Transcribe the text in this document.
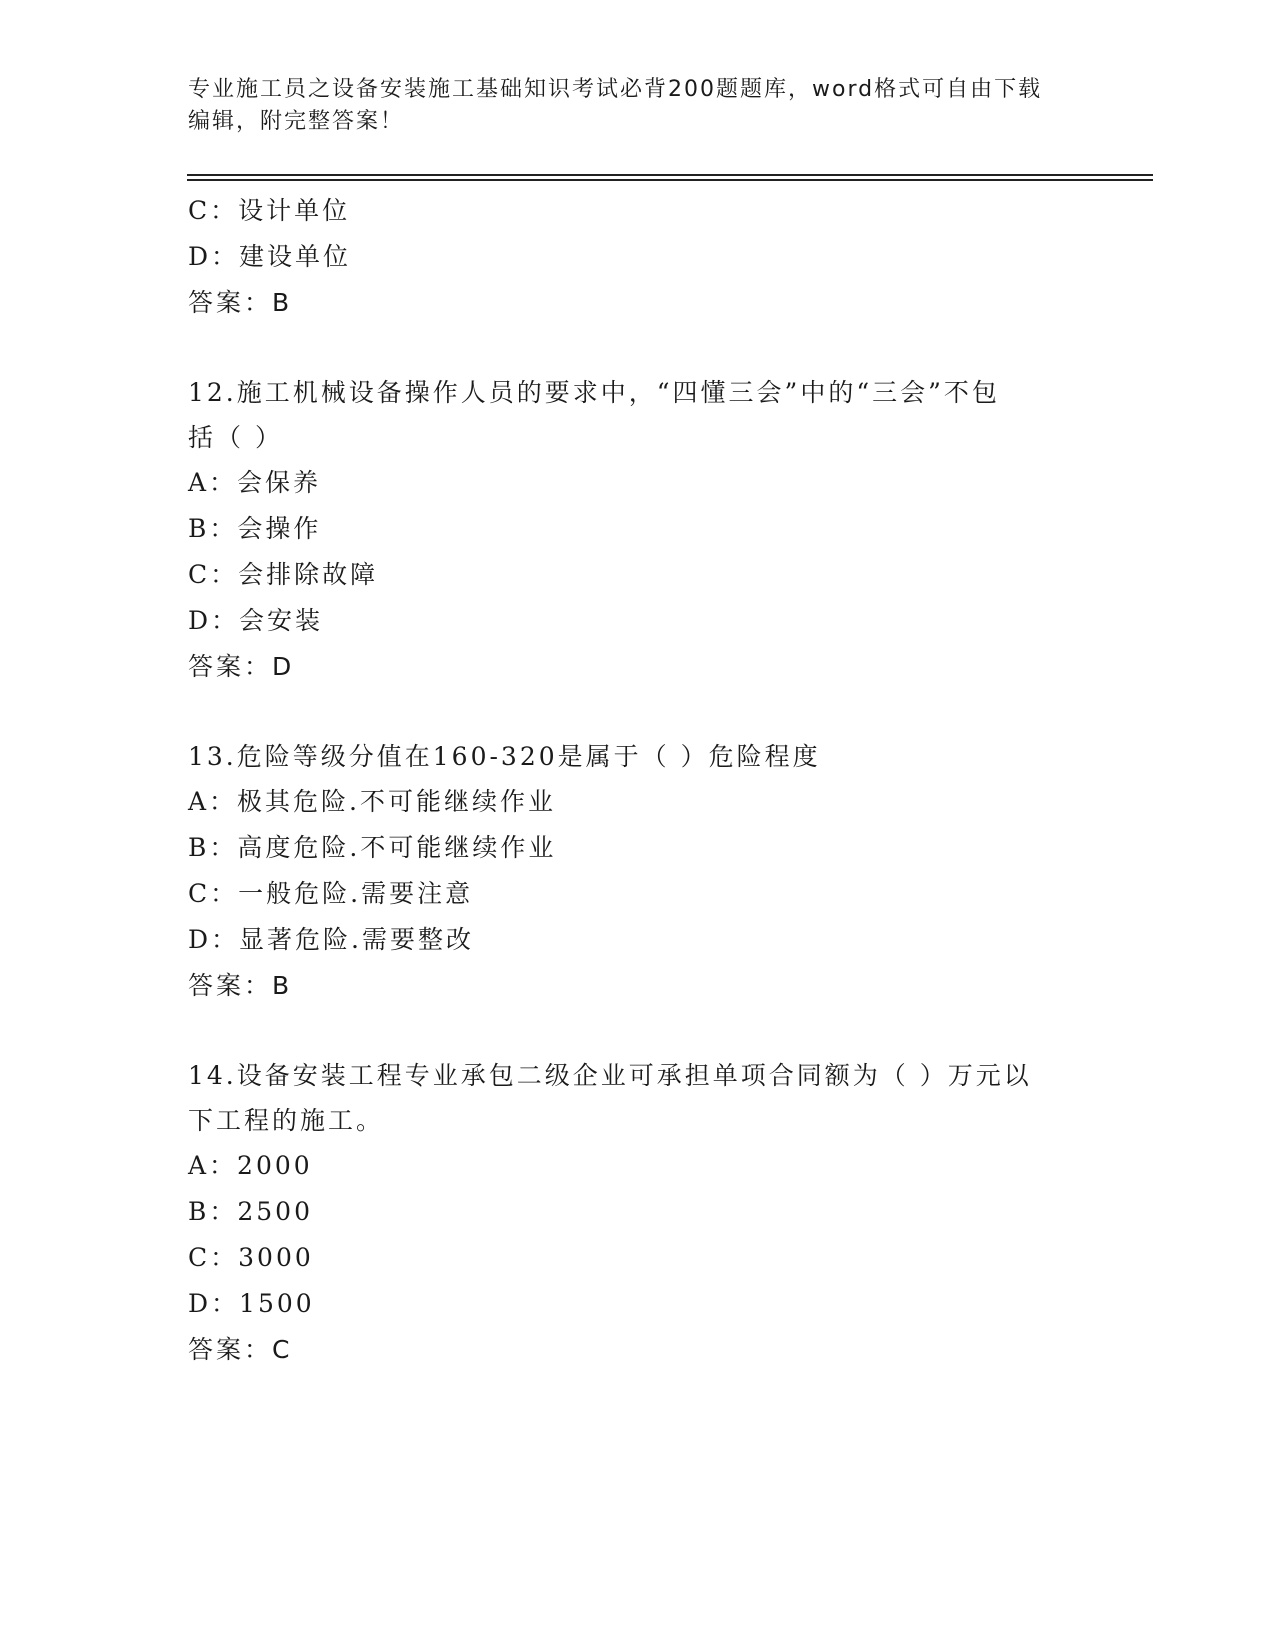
专业施工员之设备安装施工基础知识考试必背200题题库，word格式可自由下载
编辑，附完整答案！
C：设计单位
D：建设单位
答案：B
12.施工机械设备操作人员的要求中，“四懂三会”中的“三会”不包
括（ ）
A：会保养
B：会操作
C：会排除故障
D：会安装
答案：D
13.危险等级分值在160-320是属于（ ）危险程度
A：极其危险.不可能继续作业
B：高度危险.不可能继续作业
C：一般危险.需要注意
D：显著危险.需要整改
答案：B
14.设备安装工程专业承包二级企业可承担单项合同额为（ ）万元以
下工程的施工。
A：2000
B：2500
C：3000
D：1500
答案：C
